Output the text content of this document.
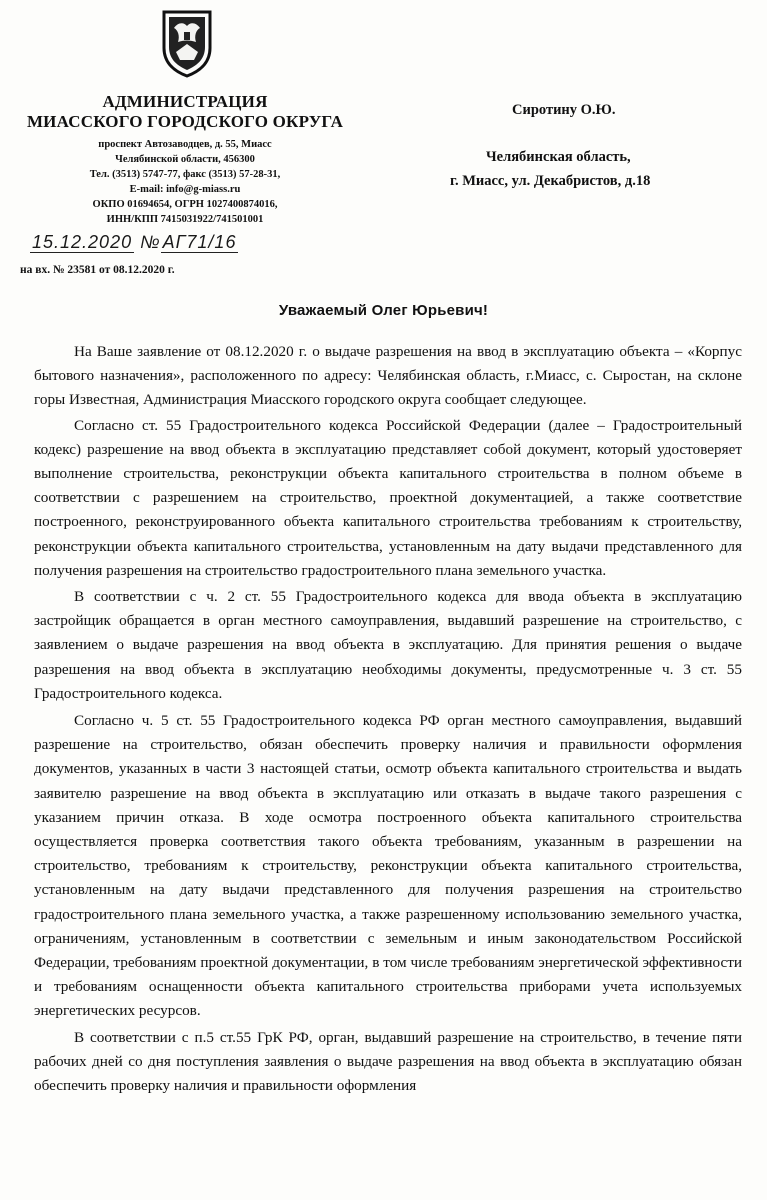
АДМИНИСТРАЦИЯ

МИАССКОГО ГОРОДСКОГО ОКРУГА

проспект Автозаводцев, д. 55, Миасс
Челябинской области, 456300
Тел. (3513) 5747-77, факс (3513) 57-28-31,
E-mail: info@g-miass.ru
ОКПО 01694654, ОГРН 1027400874016,
ИНН/КПП 7415031922/741501001
15.12.2020 № АГ71/16
на вх. № 23581 от 08.12.2020 г.
Сиротину О.Ю.
Челябинская область,
г. Миасс, ул. Декабристов, д.18
Уважаемый Олег Юрьевич!

На Ваше заявление от 08.12.2020 г. о выдаче разрешения на ввод в эксплуатацию объекта – «Корпус бытового назначения», расположенного по адресу: Челябинская область, г.Миасс, с. Сыростан, на склоне горы Известная, Администрация Миасского городского округа сообщает следующее.

Согласно ст. 55 Градостроительного кодекса Российской Федерации (далее – Градостроительный кодекс) разрешение на ввод объекта в эксплуатацию представляет собой документ, который удостоверяет выполнение строительства, реконструкции объекта капитального строительства в полном объеме в соответствии с разрешением на строительство, проектной документацией, а также соответствие построенного, реконструированного объекта капитального строительства требованиям к строительству, реконструкции объекта капитального строительства, установленным на дату выдачи представленного для получения разрешения на строительство градостроительного плана земельного участка.

В соответствии с ч. 2 ст. 55 Градостроительного кодекса для ввода объекта в эксплуатацию застройщик обращается в орган местного самоуправления, выдавший разрешение на строительство, с заявлением о выдаче разрешения на ввод объекта в эксплуатацию. Для принятия решения о выдаче разрешения на ввод объекта в эксплуатацию необходимы документы, предусмотренные ч. 3 ст. 55 Градостроительного кодекса.

Согласно ч. 5 ст. 55 Градостроительного кодекса РФ орган местного самоуправления, выдавший разрешение на строительство, обязан обеспечить проверку наличия и правильности оформления документов, указанных в части 3 настоящей статьи, осмотр объекта капитального строительства и выдать заявителю разрешение на ввод объекта в эксплуатацию или отказать в выдаче такого разрешения с указанием причин отказа. В ходе осмотра построенного объекта капитального строительства осуществляется проверка соответствия такого объекта требованиям, указанным в разрешении на строительство, требованиям к строительству, реконструкции объекта капитального строительства, установленным на дату выдачи представленного для получения разрешения на строительство градостроительного плана земельного участка, а также разрешенному использованию земельного участка, ограничениям, установленным в соответствии с земельным и иным законодательством Российской Федерации, требованиям проектной документации, в том числе требованиям энергетической эффективности и требованиям оснащенности объекта капитального строительства приборами учета используемых энергетических ресурсов.

В соответствии с п.5 ст.55 ГрК РФ, орган, выдавший разрешение на строительство, в течение пяти рабочих дней со дня поступления заявления о выдаче разрешения на ввод объекта в эксплуатацию обязан обеспечить проверку наличия и правильности оформления
